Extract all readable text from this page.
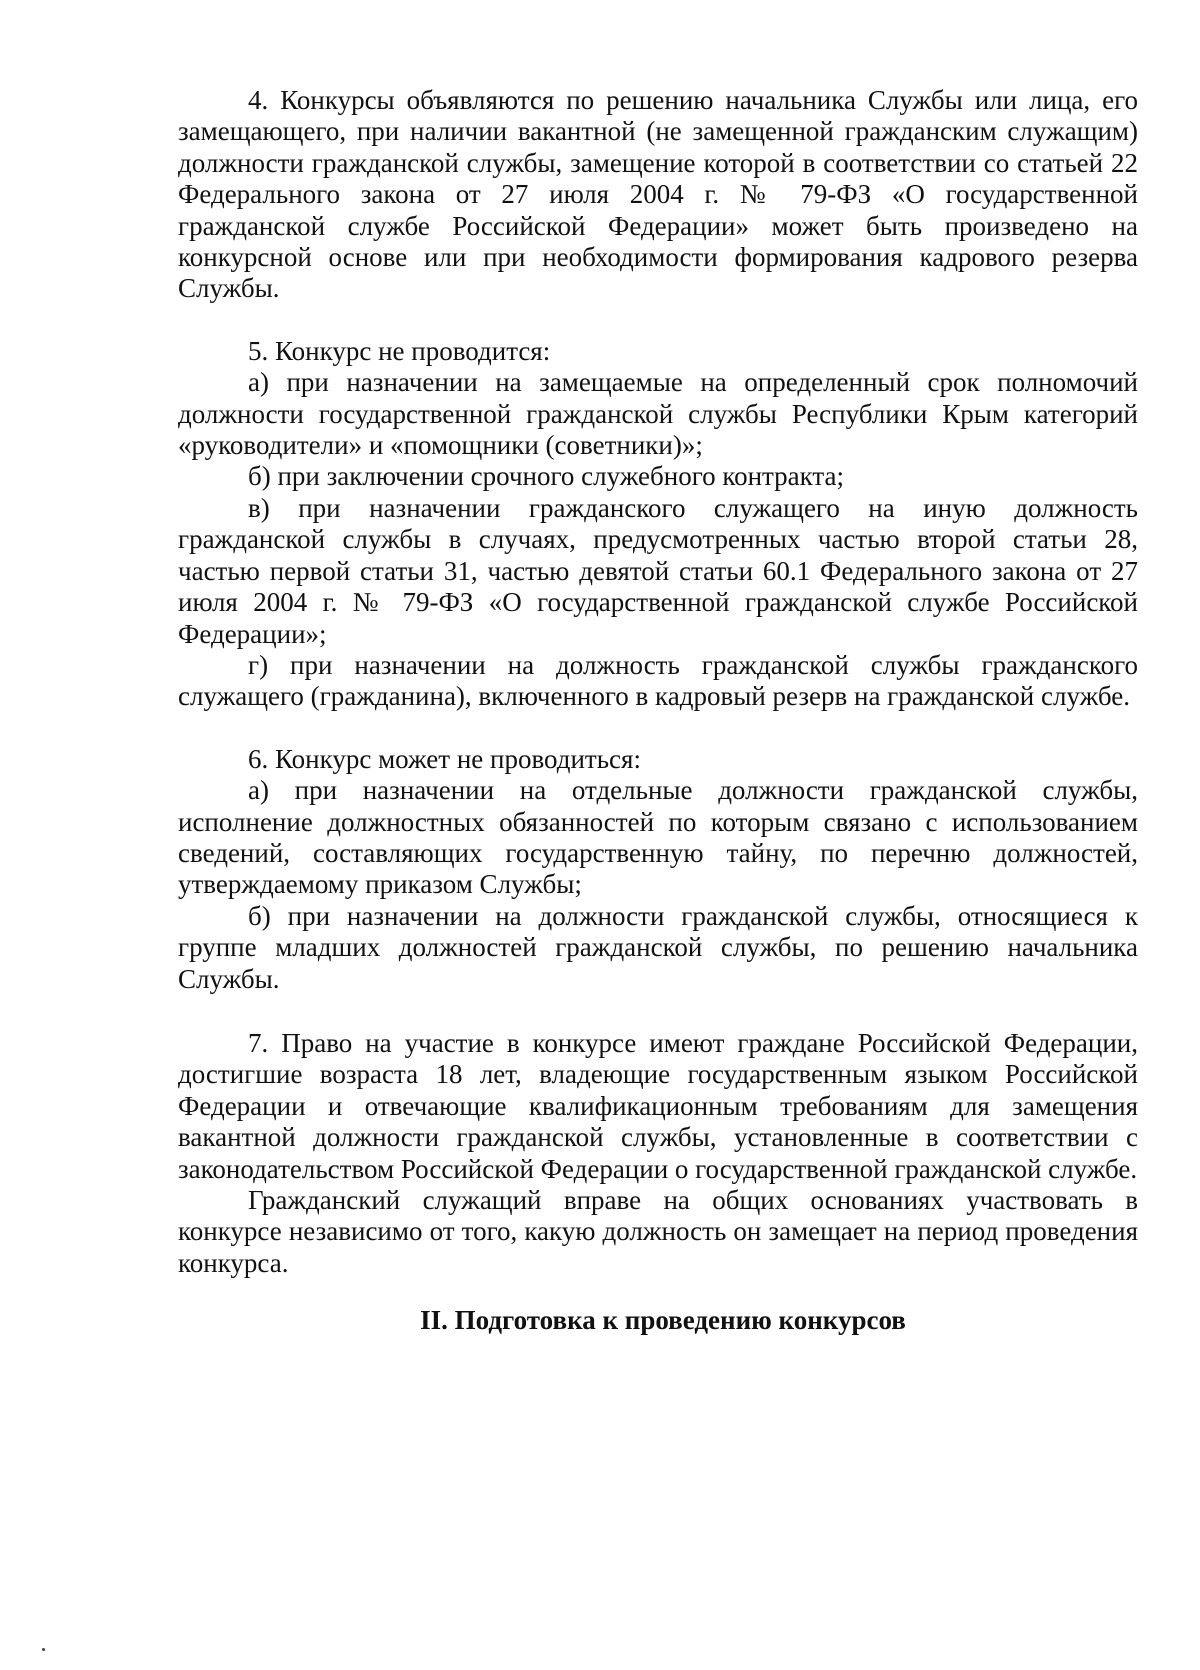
4. Конкурсы объявляются по решению начальника Службы или лица, его замещающего, при наличии вакантной (не замещенной гражданским служащим) должности гражданской службы, замещение которой в соответствии со статьей 22 Федерального закона от 27 июля 2004 г. № 79-ФЗ «О государственной гражданской службе Российской Федерации» может быть произведено на конкурсной основе или при необходимости формирования кадрового резерва Службы.

5. Конкурс не проводится:

а) при назначении на замещаемые на определенный срок полномочий должности государственной гражданской службы Республики Крым категорий «руководители» и «помощники (советники)»;

б) при заключении срочного служебного контракта;

в) при назначении гражданского служащего на иную должность гражданской службы в случаях, предусмотренных частью второй статьи 28, частью первой статьи 31, частью девятой статьи 60.1 Федерального закона от 27 июля 2004 г. № 79-ФЗ «О государственной гражданской службе Российской Федерации»;

г) при назначении на должность гражданской службы гражданского служащего (гражданина), включенного в кадровый резерв на гражданской службе.

6. Конкурс может не проводиться:

а) при назначении на отдельные должности гражданской службы, исполнение должностных обязанностей по которым связано с использованием сведений, составляющих государственную тайну, по перечню должностей, утверждаемому приказом Службы;

б) при назначении на должности гражданской службы, относящиеся к группе младших должностей гражданской службы, по решению начальника Службы.

7. Право на участие в конкурсе имеют граждане Российской Федерации, достигшие возраста 18 лет, владеющие государственным языком Российской Федерации и отвечающие квалификационным требованиям для замещения вакантной должности гражданской службы, установленные в соответствии с законодательством Российской Федерации о государственной гражданской службе.

Гражданский служащий вправе на общих основаниях участвовать в конкурсе независимо от того, какую должность он замещает на период проведения конкурса.

II. Подготовка к проведению конкурсов
